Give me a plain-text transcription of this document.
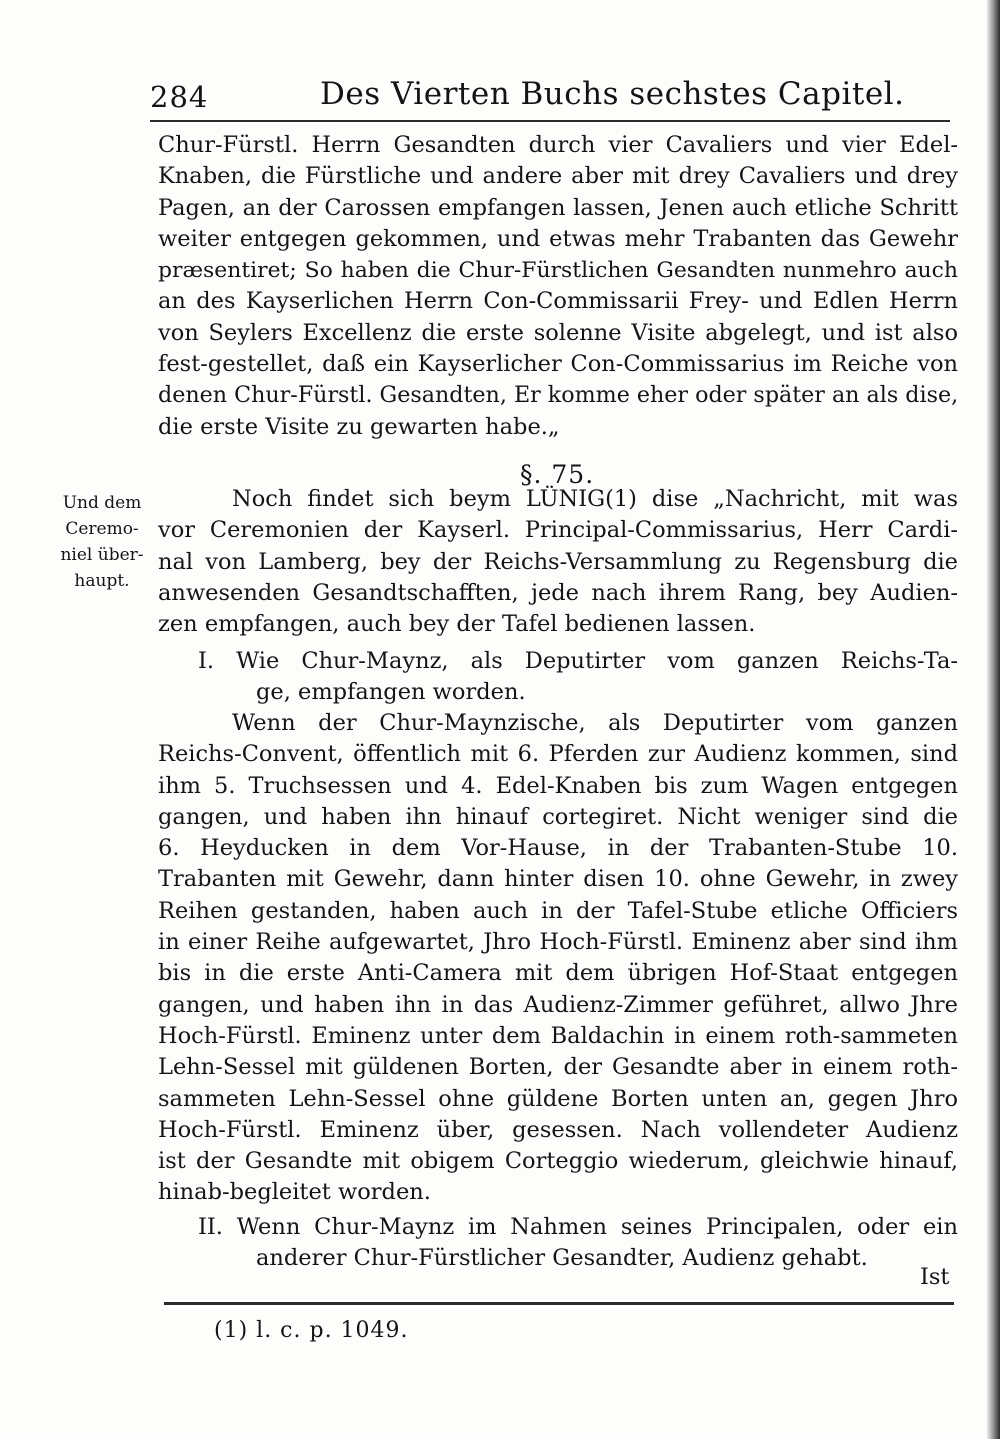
284	Des Vierten Buchs sechstes Capitel.
Chur-Fürstl. Herrn Gesandten durch vier Cavaliers und vier Edel-
Knaben, die Fürstliche und andere aber mit drey Cavaliers und drey
Pagen, an der Carossen empfangen lassen, Jenen auch etliche Schritt
weiter entgegen gekommen, und etwas mehr Trabanten das Gewehr
præsentiret; So haben die Chur-Fürstlichen Gesandten nunmehro auch
an des Kayserlichen Herrn Con-Commissarii Frey- und Edlen Herrn
von Seylers Excellenz die erste solenne Visite abgelegt, und ist also
fest-gestellet, daß ein Kayserlicher Con-Commissarius im Reiche von
denen Chur-Fürstl. Gesandten, Er komme eher oder später an als dise,
die erste Visite zu gewarten habe.„
§. 75.
Und dem
Ceremo-
niel über-
haupt.
Noch findet sich beym LÜNIG(1) dise „Nachricht, mit was
vor Ceremonien der Kayserl. Principal-Commissarius, Herr Cardi-
nal von Lamberg, bey der Reichs-Versammlung zu Regensburg die
anwesenden Gesandtschafften, jede nach ihrem Rang, bey Audien-
zen empfangen, auch bey der Tafel bedienen lassen.
I. Wie Chur-Maynz, als Deputirter vom ganzen Reichs-Ta-
ge, empfangen worden.
Wenn der Chur-Maynzische, als Deputirter vom ganzen
Reichs-Convent, öffentlich mit 6. Pferden zur Audienz kommen, sind
ihm 5. Truchsessen und 4. Edel-Knaben bis zum Wagen entgegen
gangen, und haben ihn hinauf cortegiret. Nicht weniger sind die
6. Heyducken in dem Vor-Hause, in der Trabanten-Stube 10.
Trabanten mit Gewehr, dann hinter disen 10. ohne Gewehr, in zwey
Reihen gestanden, haben auch in der Tafel-Stube etliche Officiers
in einer Reihe aufgewartet, Jhro Hoch-Fürstl. Eminenz aber sind ihm
bis in die erste Anti-Camera mit dem übrigen Hof-Staat entgegen
gangen, und haben ihn in das Audienz-Zimmer geführet, allwo Jhre
Hoch-Fürstl. Eminenz unter dem Baldachin in einem roth-sammeten
Lehn-Sessel mit güldenen Borten, der Gesandte aber in einem roth-
sammeten Lehn-Sessel ohne güldene Borten unten an, gegen Jhro
Hoch-Fürstl. Eminenz über, gesessen. Nach vollendeter Audienz
ist der Gesandte mit obigem Corteggio wiederum, gleichwie hinauf,
hinab-begleitet worden.
II. Wenn Chur-Maynz im Nahmen seines Principalen, oder ein
anderer Chur-Fürstlicher Gesandter, Audienz gehabt.
Ist
(1) l. c. p. 1049.
